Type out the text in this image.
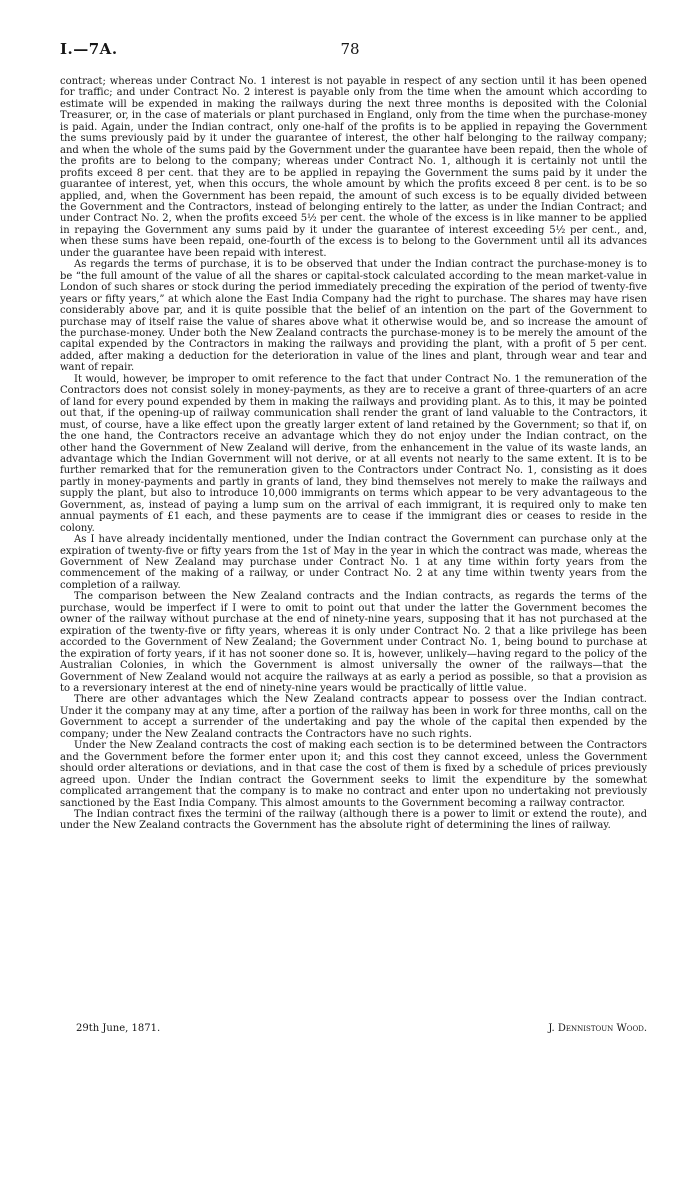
I.—7A.	78

contract; whereas under Contract No. 1 interest is not payable in respect of any section until it has been opened for traffic; and under Contract No. 2 interest is payable only from the time when the amount which according to estimate will be expended in making the railways during the next three months is deposited with the Colonial Treasurer, or, in the case of materials or plant purchased in England, only from the time when the purchase-money is paid. Again, under the Indian contract, only one-half of the profits is to be applied in repaying the Government the sums previously paid by it under the guarantee of interest, the other half belonging to the railway company; and when the whole of the sums paid by the Government under the guarantee have been repaid, then the whole of the profits are to belong to the company; whereas under Contract No. 1, although it is certainly not until the profits exceed 8 per cent. that they are to be applied in repaying the Government the sums paid by it under the guarantee of interest, yet, when this occurs, the whole amount by which the profits exceed 8 per cent. is to be so applied, and, when the Government has been repaid, the amount of such excess is to be equally divided between the Government and the Contractors, instead of belonging entirely to the latter, as under the Indian Contract; and under Contract No. 2, when the profits exceed 5½ per cent. the whole of the excess is in like manner to be applied in repaying the Government any sums paid by it under the guarantee of interest exceeding 5½ per cent., and, when these sums have been repaid, one-fourth of the excess is to belong to the Government until all its advances under the guarantee have been repaid with interest.

As regards the terms of purchase, it is to be observed that under the Indian contract the purchase-money is to be “the full amount of the value of all the shares or capital-stock calculated according to the mean market-value in London of such shares or stock during the period immediately preceding the expiration of the period of twenty-five years or fifty years,” at which alone the East India Company had the right to purchase. The shares may have risen considerably above par, and it is quite possible that the belief of an intention on the part of the Government to purchase may of itself raise the value of shares above what it otherwise would be, and so increase the amount of the purchase-money. Under both the New Zealand contracts the purchase-money is to be merely the amount of the capital expended by the Contractors in making the railways and providing the plant, with a profit of 5 per cent. added, after making a deduction for the deterioration in value of the lines and plant, through wear and tear and want of repair.

It would, however, be improper to omit reference to the fact that under Contract No. 1 the remuneration of the Contractors does not consist solely in money-payments, as they are to receive a grant of three-quarters of an acre of land for every pound expended by them in making the railways and providing plant. As to this, it may be pointed out that, if the opening-up of railway communication shall render the grant of land valuable to the Contractors, it must, of course, have a like effect upon the greatly larger extent of land retained by the Government; so that if, on the one hand, the Contractors receive an advantage which they do not enjoy under the Indian contract, on the other hand the Government of New Zealand will derive, from the enhancement in the value of its waste lands, an advantage which the Indian Government will not derive, or at all events not nearly to the same extent. It is to be further remarked that for the remuneration given to the Contractors under Contract No. 1, consisting as it does partly in money-payments and partly in grants of land, they bind themselves not merely to make the railways and supply the plant, but also to introduce 10,000 immigrants on terms which appear to be very advantageous to the Government, as, instead of paying a lump sum on the arrival of each immigrant, it is required only to make ten annual payments of £1 each, and these payments are to cease if the immigrant dies or ceases to reside in the colony.

As I have already incidentally mentioned, under the Indian contract the Government can purchase only at the expiration of twenty-five or fifty years from the 1st of May in the year in which the contract was made, whereas the Government of New Zealand may purchase under Contract No. 1 at any time within forty years from the commencement of the making of a railway, or under Contract No. 2 at any time within twenty years from the completion of a railway.

The comparison between the New Zealand contracts and the Indian contracts, as regards the terms of the purchase, would be imperfect if I were to omit to point out that under the latter the Government becomes the owner of the railway without purchase at the end of ninety-nine years, supposing that it has not purchased at the expiration of the twenty-five or fifty years, whereas it is only under Contract No. 2 that a like privilege has been accorded to the Government of New Zealand; the Government under Contract No. 1, being bound to purchase at the expiration of forty years, if it has not sooner done so. It is, however, unlikely—having regard to the policy of the Australian Colonies, in which the Government is almost universally the owner of the railways—that the Government of New Zealand would not acquire the railways at as early a period as possible, so that a provision as to a reversionary interest at the end of ninety-nine years would be practically of little value.

There are other advantages which the New Zealand contracts appear to possess over the Indian contract. Under it the company may at any time, after a portion of the railway has been in work for three months, call on the Government to accept a surrender of the undertaking and pay the whole of the capital then expended by the company; under the New Zealand contracts the Contractors have no such rights.

Under the New Zealand contracts the cost of making each section is to be determined between the Contractors and the Government before the former enter upon it; and this cost they cannot exceed, unless the Government should order alterations or deviations, and in that case the cost of them is fixed by a schedule of prices previously agreed upon. Under the Indian contract the Government seeks to limit the expenditure by the somewhat complicated arrangement that the company is to make no contract and enter upon no undertaking not previously sanctioned by the East India Company. This almost amounts to the Government becoming a railway contractor.

The Indian contract fixes the termini of the railway (although there is a power to limit or extend the route), and under the New Zealand contracts the Government has the absolute right of determining the lines of railway.

29th June, 1871.	J. Dennistoun Wood.
